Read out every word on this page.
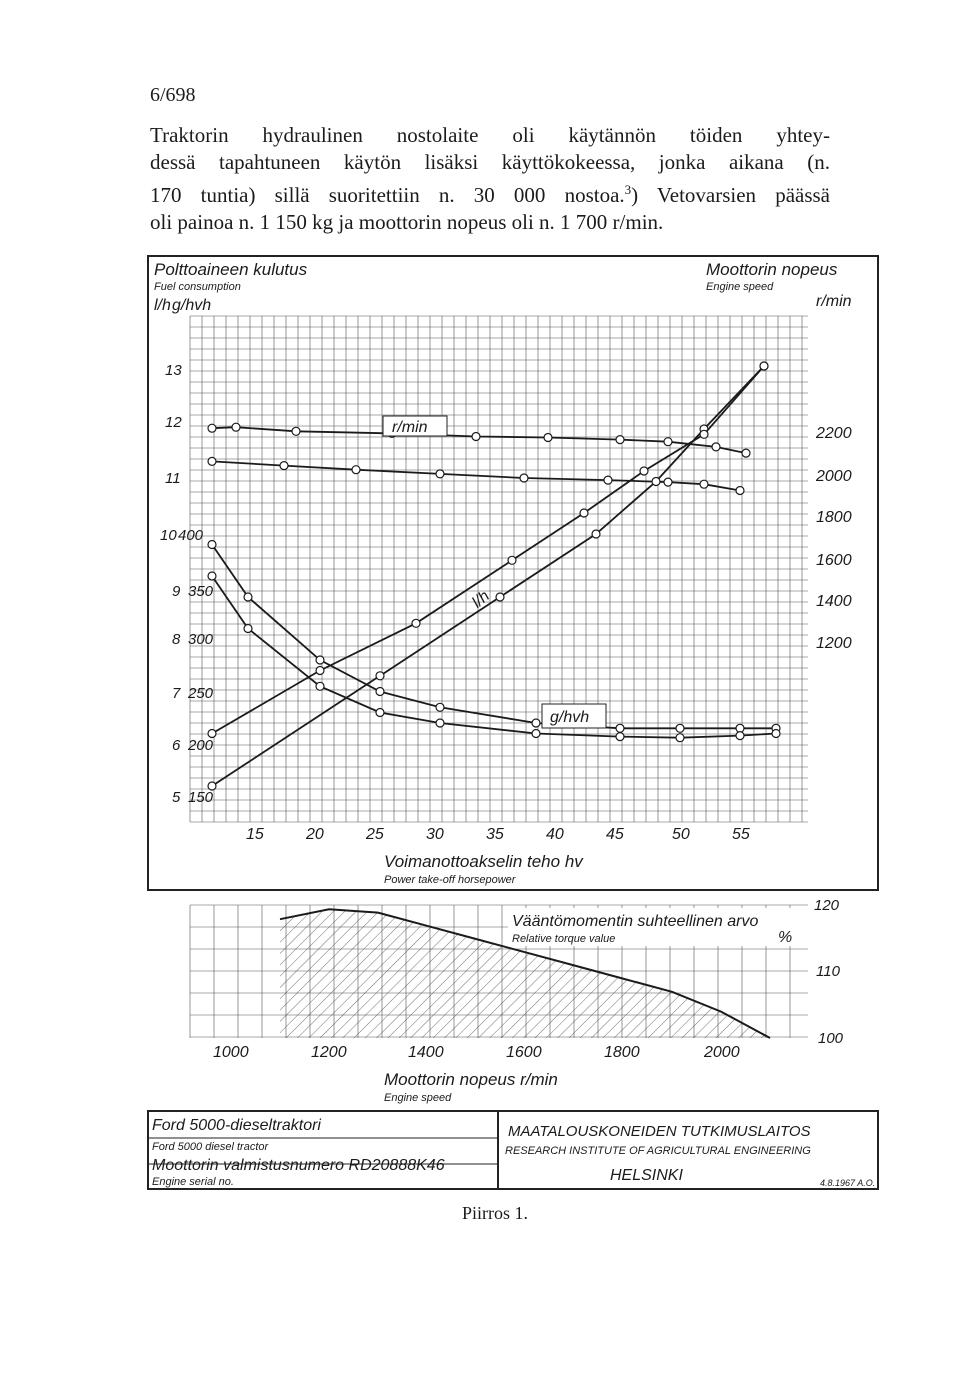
6/698

Traktorin hydraulinen nostolaite oli käytännön töiden yhtey-
dessä tapahtuneen käytön lisäksi käyttökokeessa, jonka aikana (n.
170 tuntia) sillä suoritettiin n. 30 000 nostoa.$^3$) Vetovarsien päässä
oli painoa n. 1 150 kg ja moottorin nopeus oli n. 1 700 r/min.

Polttoaineen kulutus
Fuel consumption
l/h g/hvh
Moottorin nopeus
Engine speed
r/min
13
12
11
10
9
8
7
6
5
400
350
300
250
200
150
2200
2000
1800
1600
1400
1200
15	20	25	30	35	40	45	50	55
Voimanottoakselin teho hv
Power take-off horsepower
r/min
l/h
g/hvh
Vääntömomentin suhteellinen arvo
Relative torque value	%
120
110
100
1000	1200	1400	1600	1800	2000
Moottorin nopeus r/min
Engine speed
Ford 5000-dieseltraktori
Ford 5000 diesel tractor
Moottorin valmistusnumero RD20888K46
Engine serial no.
MAATALOUSKONEIDEN TUTKIMUSLAITOS
RESEARCH INSTITUTE OF AGRICULTURAL ENGINEERING
HELSINKI	4.8.1967 A.O.
Piirros 1.
